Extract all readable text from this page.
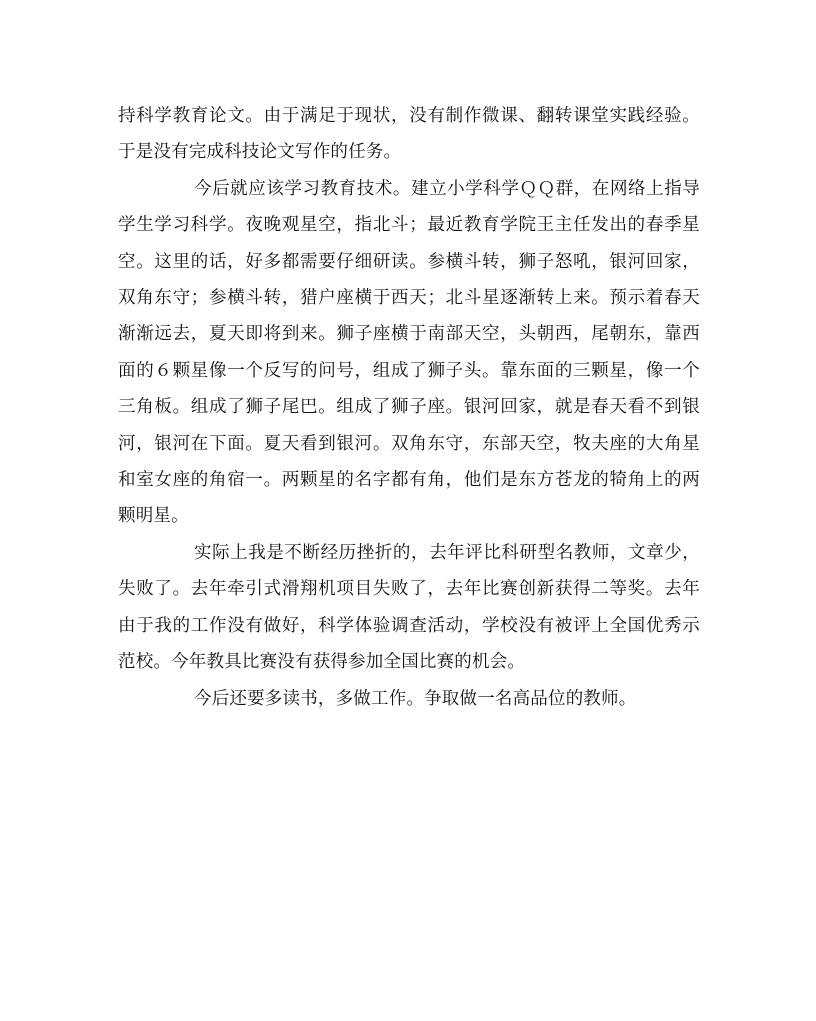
持科学教育论文。由于满足于现状，没有制作微课、翻转课堂实践经验。于是没有完成科技论文写作的任务。

今后就应该学习教育技术。建立小学科学ＱＱ群，在网络上指导学生学习科学。夜晚观星空，指北斗；最近教育学院王主任发出的春季星空。这里的话，好多都需要仔细研读。参横斗转，狮子怒吼，银河回家，双角东守；参横斗转，猎户座横于西天；北斗星逐渐转上来。预示着春天渐渐远去，夏天即将到来。狮子座横于南部天空，头朝西，尾朝东，靠西面的６颗星像一个反写的问号，组成了狮子头。靠东面的三颗星，像一个三角板。组成了狮子尾巴。组成了狮子座。银河回家，就是春天看不到银河，银河在下面。夏天看到银河。双角东守，东部天空，牧夫座的大角星和室女座的角宿一。两颗星的名字都有角，他们是东方苍龙的犄角上的两颗明星。

实际上我是不断经历挫折的，去年评比科研型名教师，文章少，失败了。去年牵引式滑翔机项目失败了，去年比赛创新获得二等奖。去年由于我的工作没有做好，科学体验调查活动，学校没有被评上全国优秀示范校。今年教具比赛没有获得参加全国比赛的机会。

今后还要多读书，多做工作。争取做一名高品位的教师。
